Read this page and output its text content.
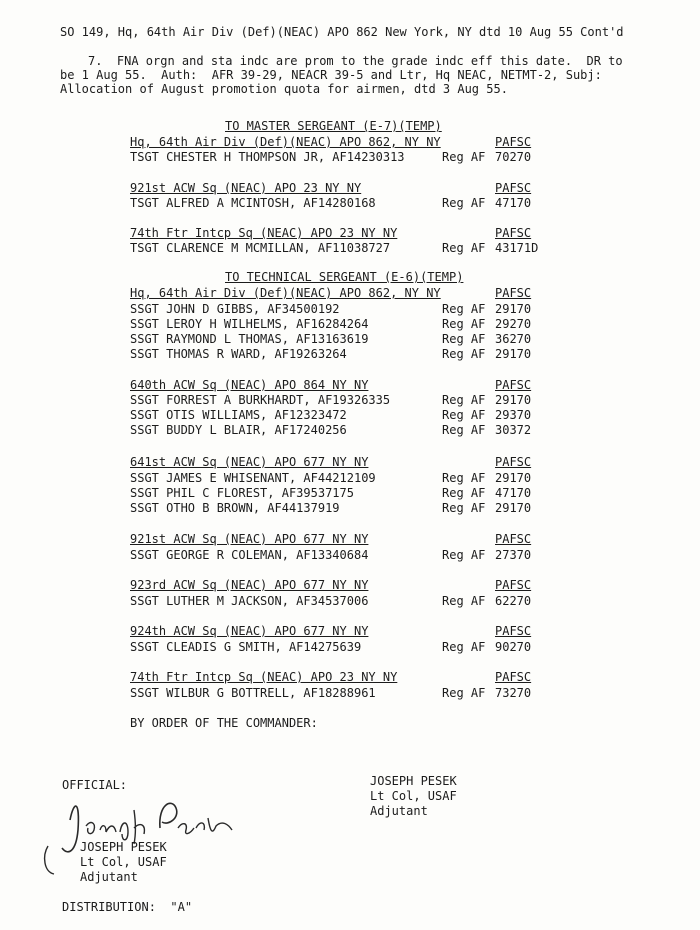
SO 149, Hq, 64th Air Div (Def)(NEAC) APO 862 New York, NY dtd 10 Aug 55 Cont'd
7.  FNA orgn and sta indc are prom to the grade indc eff this date.  DR to
be 1 Aug 55.  Auth:  AFR 39-29, NEACR 39-5 and Ltr, Hq NEAC, NETMT-2, Subj:
Allocation of August promotion quota for airmen, dtd 3 Aug 55.
TO MASTER SERGEANT (E-7)(TEMP)
Hq, 64th Air Div (Def)(NEAC) APO 862, NY NY	PAFSC
TSGT CHESTER H THOMPSON JR, AF14230313	Reg AF 70270
921st ACW Sq (NEAC) APO 23 NY NY	PAFSC
TSGT ALFRED A MCINTOSH, AF14280168	Reg AF 47170
74th Ftr Intcp Sq (NEAC) APO 23 NY NY	PAFSC
TSGT CLARENCE M MCMILLAN, AF11038727	Reg AF 43171D
TO TECHNICAL SERGEANT (E-6)(TEMP)
Hq, 64th Air Div (Def)(NEAC) APO 862, NY NY	PAFSC
SSGT JOHN D GIBBS, AF34500192	Reg AF 29170
SSGT LEROY H WILHELMS, AF16284264	Reg AF 29270
SSGT RAYMOND L THOMAS, AF13163619	Reg AF 36270
SSGT THOMAS R WARD, AF19263264	Reg AF 29170
640th ACW Sq (NEAC) APO 864 NY NY	PAFSC
SSGT FORREST A BURKHARDT, AF19326335	Reg AF 29170
SSGT OTIS WILLIAMS, AF12323472	Reg AF 29370
SSGT BUDDY L BLAIR, AF17240256	Reg AF 30372
641st ACW Sq (NEAC) APO 677 NY NY	PAFSC
SSGT JAMES E WHISENANT, AF44212109	Reg AF 29170
SSGT PHIL C FLOREST, AF39537175	Reg AF 47170
SSGT OTHO B BROWN, AF44137919	Reg AF 29170
921st ACW Sq (NEAC) APO 677 NY NY	PAFSC
SSGT GEORGE R COLEMAN, AF13340684	Reg AF 27370
923rd ACW Sq (NEAC) APO 677 NY NY	PAFSC
SSGT LUTHER M JACKSON, AF34537006	Reg AF 62270
924th ACW Sq (NEAC) APO 677 NY NY	PAFSC
SSGT CLEADIS G SMITH, AF14275639	Reg AF 90270
74th Ftr Intcp Sq (NEAC) APO 23 NY NY	PAFSC
SSGT WILBUR G BOTTRELL, AF18288961	Reg AF 73270
BY ORDER OF THE COMMANDER:
OFFICIAL:	JOSEPH PESEK
Lt Col, USAF
Adjutant
JOSEPH PESEK
Lt Col, USAF
Adjutant
DISTRIBUTION:  "A"
